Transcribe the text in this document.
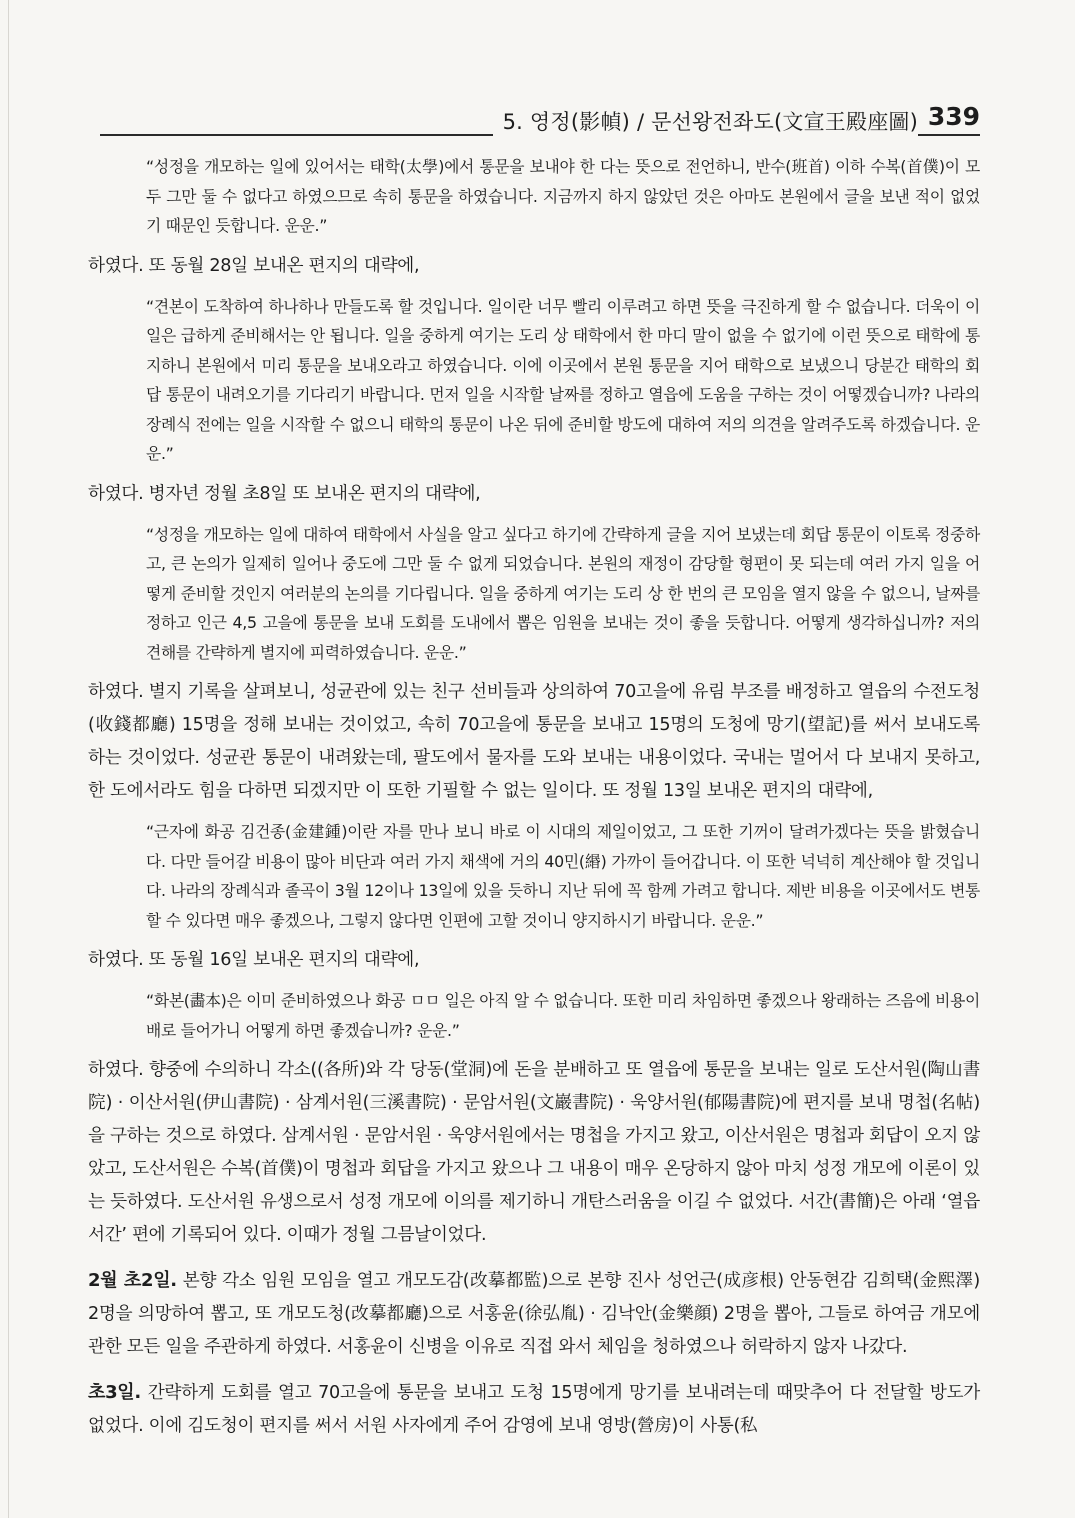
5. 영정(影幀) / 문선왕전좌도(文宣王殿座圖) 339

“성정을 개모하는 일에 있어서는 태학(太學)에서 통문을 보내야 한 다는 뜻으로 전언하니, 반수(班首) 이하 수복(首僕)이 모두 그만 둘 수 없다고 하였으므로 속히 통문을 하였습니다. 지금까지 하지 않았던 것은 아마도 본원에서 글을 보낸 적이 없었기 때문인 듯합니다. 운운.”

하였다. 또 동월 28일 보내온 편지의 대략에,

“견본이 도착하여 하나하나 만들도록 할 것입니다. 일이란 너무 빨리 이루려고 하면 뜻을 극진하게 할 수 없습니다. 더욱이 이 일은 급하게 준비해서는 안 됩니다. 일을 중하게 여기는 도리 상 태학에서 한 마디 말이 없을 수 없기에 이런 뜻으로 태학에 통지하니 본원에서 미리 통문을 보내오라고 하였습니다. 이에 이곳에서 본원 통문을 지어 태학으로 보냈으니 당분간 태학의 회답 통문이 내려오기를 기다리기 바랍니다. 먼저 일을 시작할 날짜를 정하고 열읍에 도움을 구하는 것이 어떻겠습니까? 나라의 장례식 전에는 일을 시작할 수 없으니 태학의 통문이 나온 뒤에 준비할 방도에 대하여 저의 의견을 알려주도록 하겠습니다. 운운.”

하였다. 병자년 정월 초8일 또 보내온 편지의 대략에,

“성정을 개모하는 일에 대하여 태학에서 사실을 알고 싶다고 하기에 간략하게 글을 지어 보냈는데 회답 통문이 이토록 정중하고, 큰 논의가 일제히 일어나 중도에 그만 둘 수 없게 되었습니다. 본원의 재정이 감당할 형편이 못 되는데 여러 가지 일을 어떻게 준비할 것인지 여러분의 논의를 기다립니다. 일을 중하게 여기는 도리 상 한 번의 큰 모임을 열지 않을 수 없으니, 날짜를 정하고 인근 4,5 고을에 통문을 보내 도회를 도내에서 뽑은 임원을 보내는 것이 좋을 듯합니다. 어떻게 생각하십니까? 저의 견해를 간략하게 별지에 피력하였습니다. 운운.”

하였다. 별지 기록을 살펴보니, 성균관에 있는 친구 선비들과 상의하여 70고을에 유림 부조를 배정하고 열읍의 수전도청(收錢都廳) 15명을 정해 보내는 것이었고, 속히 70고을에 통문을 보내고 15명의 도청에 망기(望記)를 써서 보내도록 하는 것이었다. 성균관 통문이 내려왔는데, 팔도에서 물자를 도와 보내는 내용이었다. 국내는 멀어서 다 보내지 못하고, 한 도에서라도 힘을 다하면 되겠지만 이 또한 기필할 수 없는 일이다. 또 정월 13일 보내온 편지의 대략에,

“근자에 화공 김건종(金建鍾)이란 자를 만나 보니 바로 이 시대의 제일이었고, 그 또한 기꺼이 달려가겠다는 뜻을 밝혔습니다. 다만 들어갈 비용이 많아 비단과 여러 가지 채색에 거의 40민(緡) 가까이 들어갑니다. 이 또한 넉넉히 계산해야 할 것입니다. 나라의 장례식과 졸곡이 3월 12이나 13일에 있을 듯하니 지난 뒤에 꼭 함께 가려고 합니다. 제반 비용을 이곳에서도 변통할 수 있다면 매우 좋겠으나, 그렇지 않다면 인편에 고할 것이니 양지하시기 바랍니다. 운운.”

하였다. 또 동월 16일 보내온 편지의 대략에,

“화본(畵本)은 이미 준비하였으나 화공 ㅁㅁ 일은 아직 알 수 없습니다. 또한 미리 차임하면 좋겠으나 왕래하는 즈음에 비용이 배로 들어가니 어떻게 하면 좋겠습니까? 운운.”

하였다. 향중에 수의하니 각소((各所)와 각 당동(堂洞)에 돈을 분배하고 또 열읍에 통문을 보내는 일로 도산서원(陶山書院) · 이산서원(伊山書院) · 삼계서원(三溪書院) · 문암서원(文巖書院) · 욱양서원(郁陽書院)에 편지를 보내 명첩(名帖)을 구하는 것으로 하였다. 삼계서원 · 문암서원 · 욱양서원에서는 명첩을 가지고 왔고, 이산서원은 명첩과 회답이 오지 않았고, 도산서원은 수복(首僕)이 명첩과 회답을 가지고 왔으나 그 내용이 매우 온당하지 않아 마치 성정 개모에 이론이 있는 듯하였다. 도산서원 유생으로서 성정 개모에 이의를 제기하니 개탄스러움을 이길 수 없었다. 서간(書簡)은 아래 ‘열읍 서간’ 편에 기록되어 있다. 이때가 정월 그믐날이었다.

2월 초2일. 본향 각소 임원 모임을 열고 개모도감(改摹都監)으로 본향 진사 성언근(成彦根) 안동현감 김희택(金熙澤) 2명을 의망하여 뽑고, 또 개모도청(改摹都廳)으로 서홍윤(徐弘胤) · 김낙안(金樂顔) 2명을 뽑아, 그들로 하여금 개모에 관한 모든 일을 주관하게 하였다. 서홍윤이 신병을 이유로 직접 와서 체임을 청하였으나 허락하지 않자 나갔다.

초3일. 간략하게 도회를 열고 70고을에 통문을 보내고 도청 15명에게 망기를 보내려는데 때맞추어 다 전달할 방도가 없었다. 이에 김도청이 편지를 써서 서원 사자에게 주어 감영에 보내 영방(營房)이 사통(私
